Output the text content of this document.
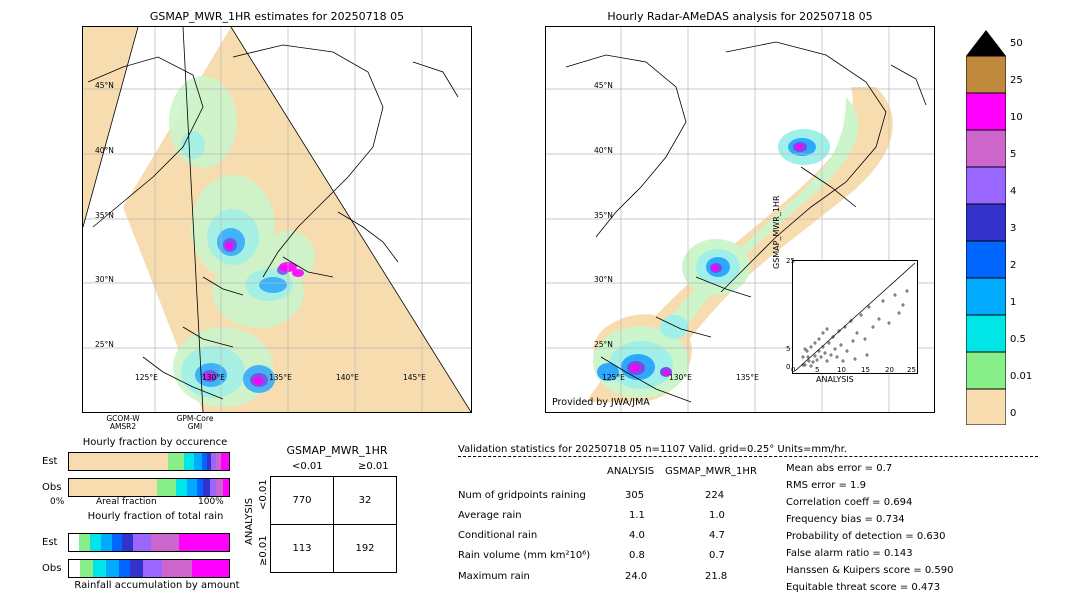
GSMAP_MWR_1HR estimates for 20250718 05
45°N
40°N
35°N
30°N
25°N
125°E	130°E	135°E	140°E	145°E
GCOM-W
AMSR2
GPM-Core
GMI
Hourly Radar-AMeDAS analysis for 20250718 05
45°N
40°N
35°N
30°N
25°N
125°E	130°E	135°E
Provided by JWA/JMA
0	5	10 15 20 25
25
5
0
ANALYSIS
GSMAP_MWR_1HR
50
25
10
5
4
3
2
1
0.5
0.01
0
Hourly fraction by occurence
Est
Obs
0%	Areal fraction	100%
Hourly fraction of total rain
Est
Obs
Rainfall accumulation by amount
GSMAP_MWR_1HR
<0.01	≥0.01
ANALYSIS
<0.01
≥0.01
770	32
113	192
Validation statistics for 20250718 05 n=1107 Valid. grid=0.25° Units=mm/hr.
ANALYSIS GSMAP_MWR_1HR
Num of gridpoints raining	305	224
Average rain	1.1	1.0
Conditional rain	4.0	4.7
Rain volume (mm km²10⁶)	0.8	0.7
Maximum rain	24.0	21.8
Mean abs error = 0.7
RMS error = 1.9
Correlation coeff = 0.694
Frequency bias = 0.734
Probability of detection = 0.630
False alarm ratio = 0.143
Hanssen & Kuipers score = 0.590
Equitable threat score = 0.473
